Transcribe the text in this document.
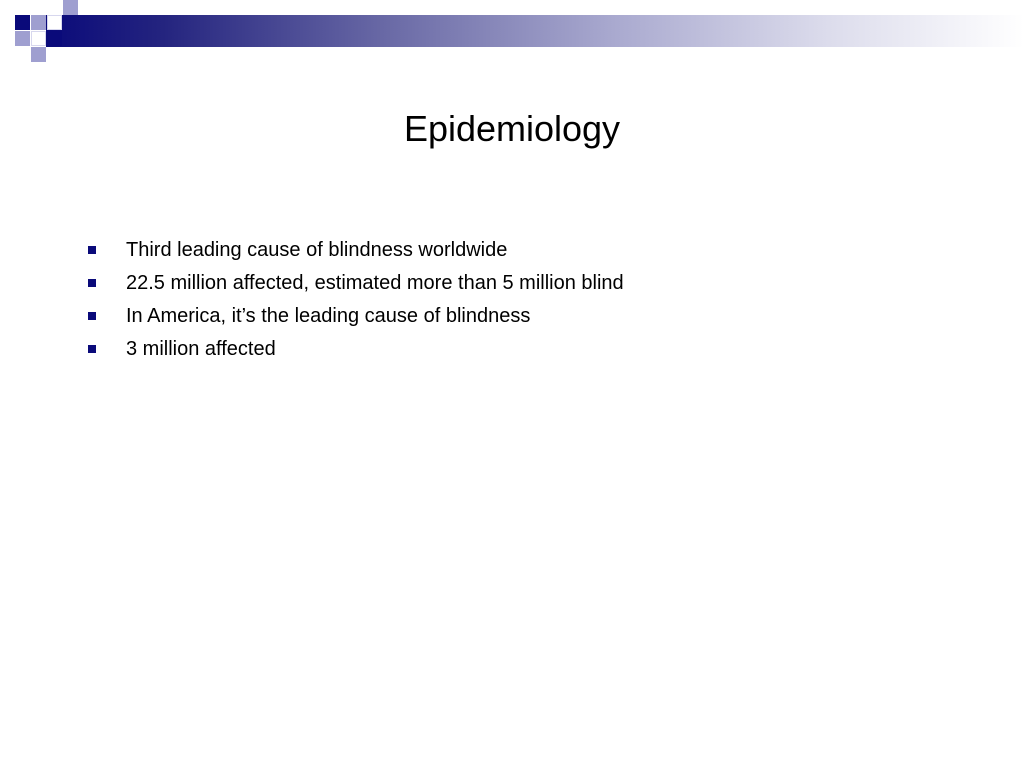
Epidemiology
Third leading cause of blindness worldwide
22.5 million affected, estimated more than 5 million blind
In America, it’s the leading cause of blindness
3 million affected
